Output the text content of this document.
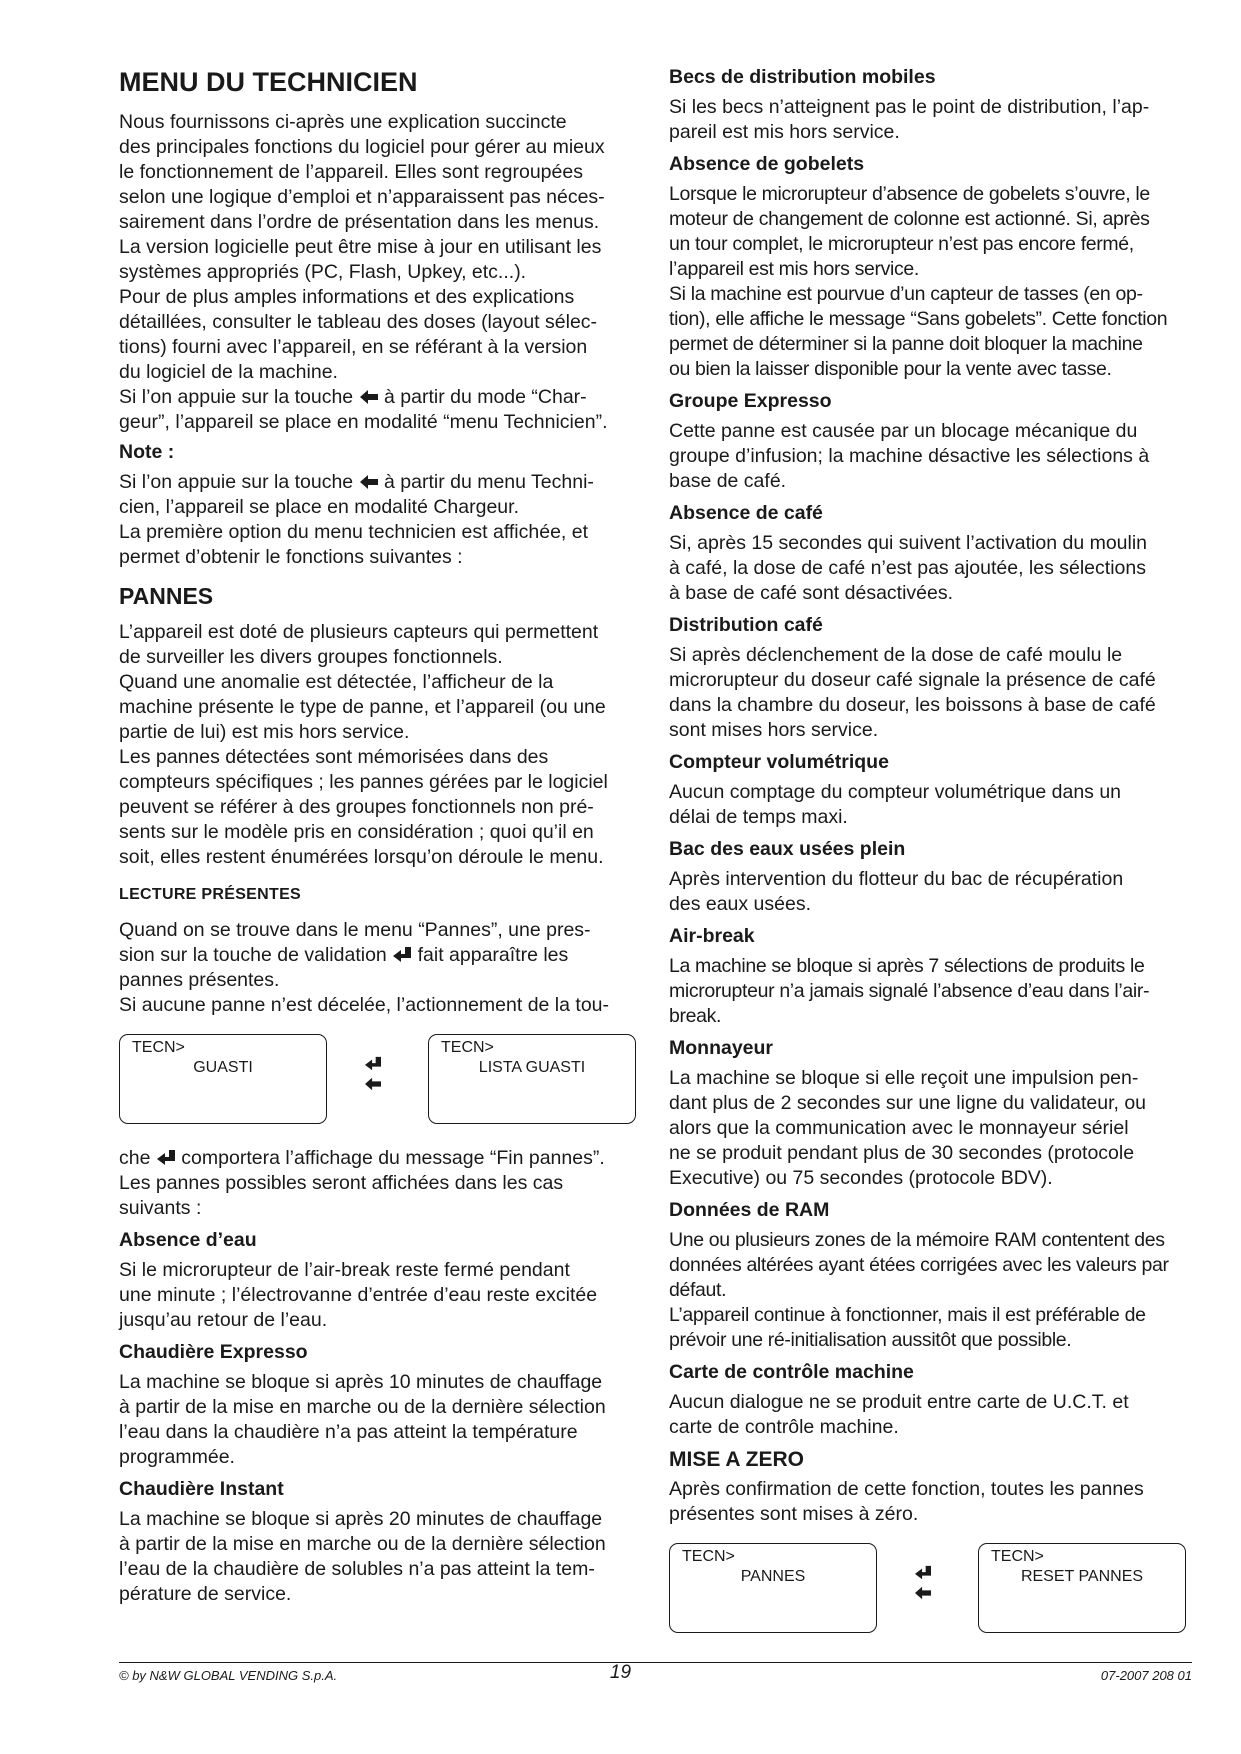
MENU DU TECHNICIEN

Nous fournissons ci-après une explication succincte
des principales fonctions du logiciel pour gérer au mieux
le fonctionnement de l’appareil. Elles sont regroupées
selon une logique d’emploi et n’apparaissent pas néces-
sairement dans l’ordre de présentation dans les menus.
La version logicielle peut être mise à jour en utilisant les
systèmes appropriés (PC, Flash, Upkey, etc...).
Pour de plus amples informations et des explications
détaillées, consulter le tableau des doses (layout sélec-
tions) fourni avec l’appareil, en se référant à la version
du logiciel de la machine.

Si l’on appuie sur la touche à partir du mode “Char-
geur”, l’appareil se place en modalité “menu Technicien”.

Note :

Si l’on appuie sur la touche à partir du menu Techni-
cien, l’appareil se place en modalité Chargeur.
La première option du menu technicien est affichée, et
permet d’obtenir le fonctions suivantes :

PANNES

L’appareil est doté de plusieurs capteurs qui permettent
de surveiller les divers groupes fonctionnels.
Quand une anomalie est détectée, l’afficheur de la
machine présente le type de panne, et l’appareil (ou une
partie de lui) est mis hors service.
Les pannes détectées sont mémorisées dans des
compteurs spécifiques ; les pannes gérées par le logiciel
peuvent se référer à des groupes fonctionnels non pré-
sents sur le modèle pris en considération ; quoi qu’il en
soit, elles restent énumérées lorsqu’on déroule le menu.

LECTURE PRÉSENTES

Quand on se trouve dans le menu “Pannes”, une pres-
sion sur la touche de validation fait apparaître les
pannes présentes.
Si aucune panne n’est décelée, l’actionnement de la tou-

TECN>
GUASTI
TECN>
LISTA GUASTI

che comportera l’affichage du message “Fin pannes”.
Les pannes possibles seront affichées dans les cas
suivants :

Absence d’eau

Si le microrupteur de l’air-break reste fermé pendant
une minute ; l’électrovanne d’entrée d’eau reste excitée
jusqu’au retour de l’eau.

Chaudière Expresso

La machine se bloque si après 10 minutes de chauffage
à partir de la mise en marche ou de la dernière sélection
l’eau dans la chaudière n’a pas atteint la température
programmée.

Chaudière Instant

La machine se bloque si après 20 minutes de chauffage
à partir de la mise en marche ou de la dernière sélection
l’eau de la chaudière de solubles n’a pas atteint la tem-
pérature de service.

Becs de distribution mobiles

Si les becs n’atteignent pas le point de distribution, l’ap-
pareil est mis hors service.

Absence de gobelets

Lorsque le microrupteur d’absence de gobelets s’ouvre, le
moteur de changement de colonne est actionné. Si, après
un tour complet, le microrupteur n’est pas encore fermé,
l’appareil est mis hors service.
Si la machine est pourvue d’un capteur de tasses (en op-
tion), elle affiche le message “Sans gobelets”. Cette fonction
permet de déterminer si la panne doit bloquer la machine
ou bien la laisser disponible pour la vente avec tasse.

Groupe Expresso

Cette panne est causée par un blocage mécanique du
groupe d’infusion; la machine désactive les sélections à
base de café.

Absence de café

Si, après 15 secondes qui suivent l’activation du moulin
à café, la dose de café n’est pas ajoutée, les sélections
à base de café sont désactivées.

Distribution café

Si après déclenchement de la dose de café moulu le
microrupteur du doseur café signale la présence de café
dans la chambre du doseur, les boissons à base de café
sont mises hors service.

Compteur volumétrique

Aucun comptage du compteur volumétrique dans un
délai de temps maxi.

Bac des eaux usées plein

Après intervention du flotteur du bac de récupération
des eaux usées.

Air-break

La machine se bloque si après 7 sélections de produits le
microrupteur n’a jamais signalé l’absence d’eau dans l’air-
break.

Monnayeur

La machine se bloque si elle reçoit une impulsion pen-
dant plus de 2 secondes sur une ligne du validateur, ou
alors que la communication avec le monnayeur sériel
ne se produit pendant plus de 30 secondes (protocole
Executive) ou 75 secondes (protocole BDV).

Données de RAM

Une ou plusieurs zones de la mémoire RAM contentent des
données altérées ayant étées corrigées avec les valeurs par
défaut.
L’appareil continue à fonctionner, mais il est préférable de
prévoir une ré-initialisation aussitôt que possible.

Carte de contrôle machine

Aucun dialogue ne se produit entre carte de U.C.T. et
carte de contrôle machine.

MISE A ZERO

Après confirmation de cette fonction, toutes les pannes
présentes sont mises à zéro.

TECN>
PANNES
TECN>
RESET PANNES
© by N&W GLOBAL VENDING S.p.A.	19	07-2007 208 01
